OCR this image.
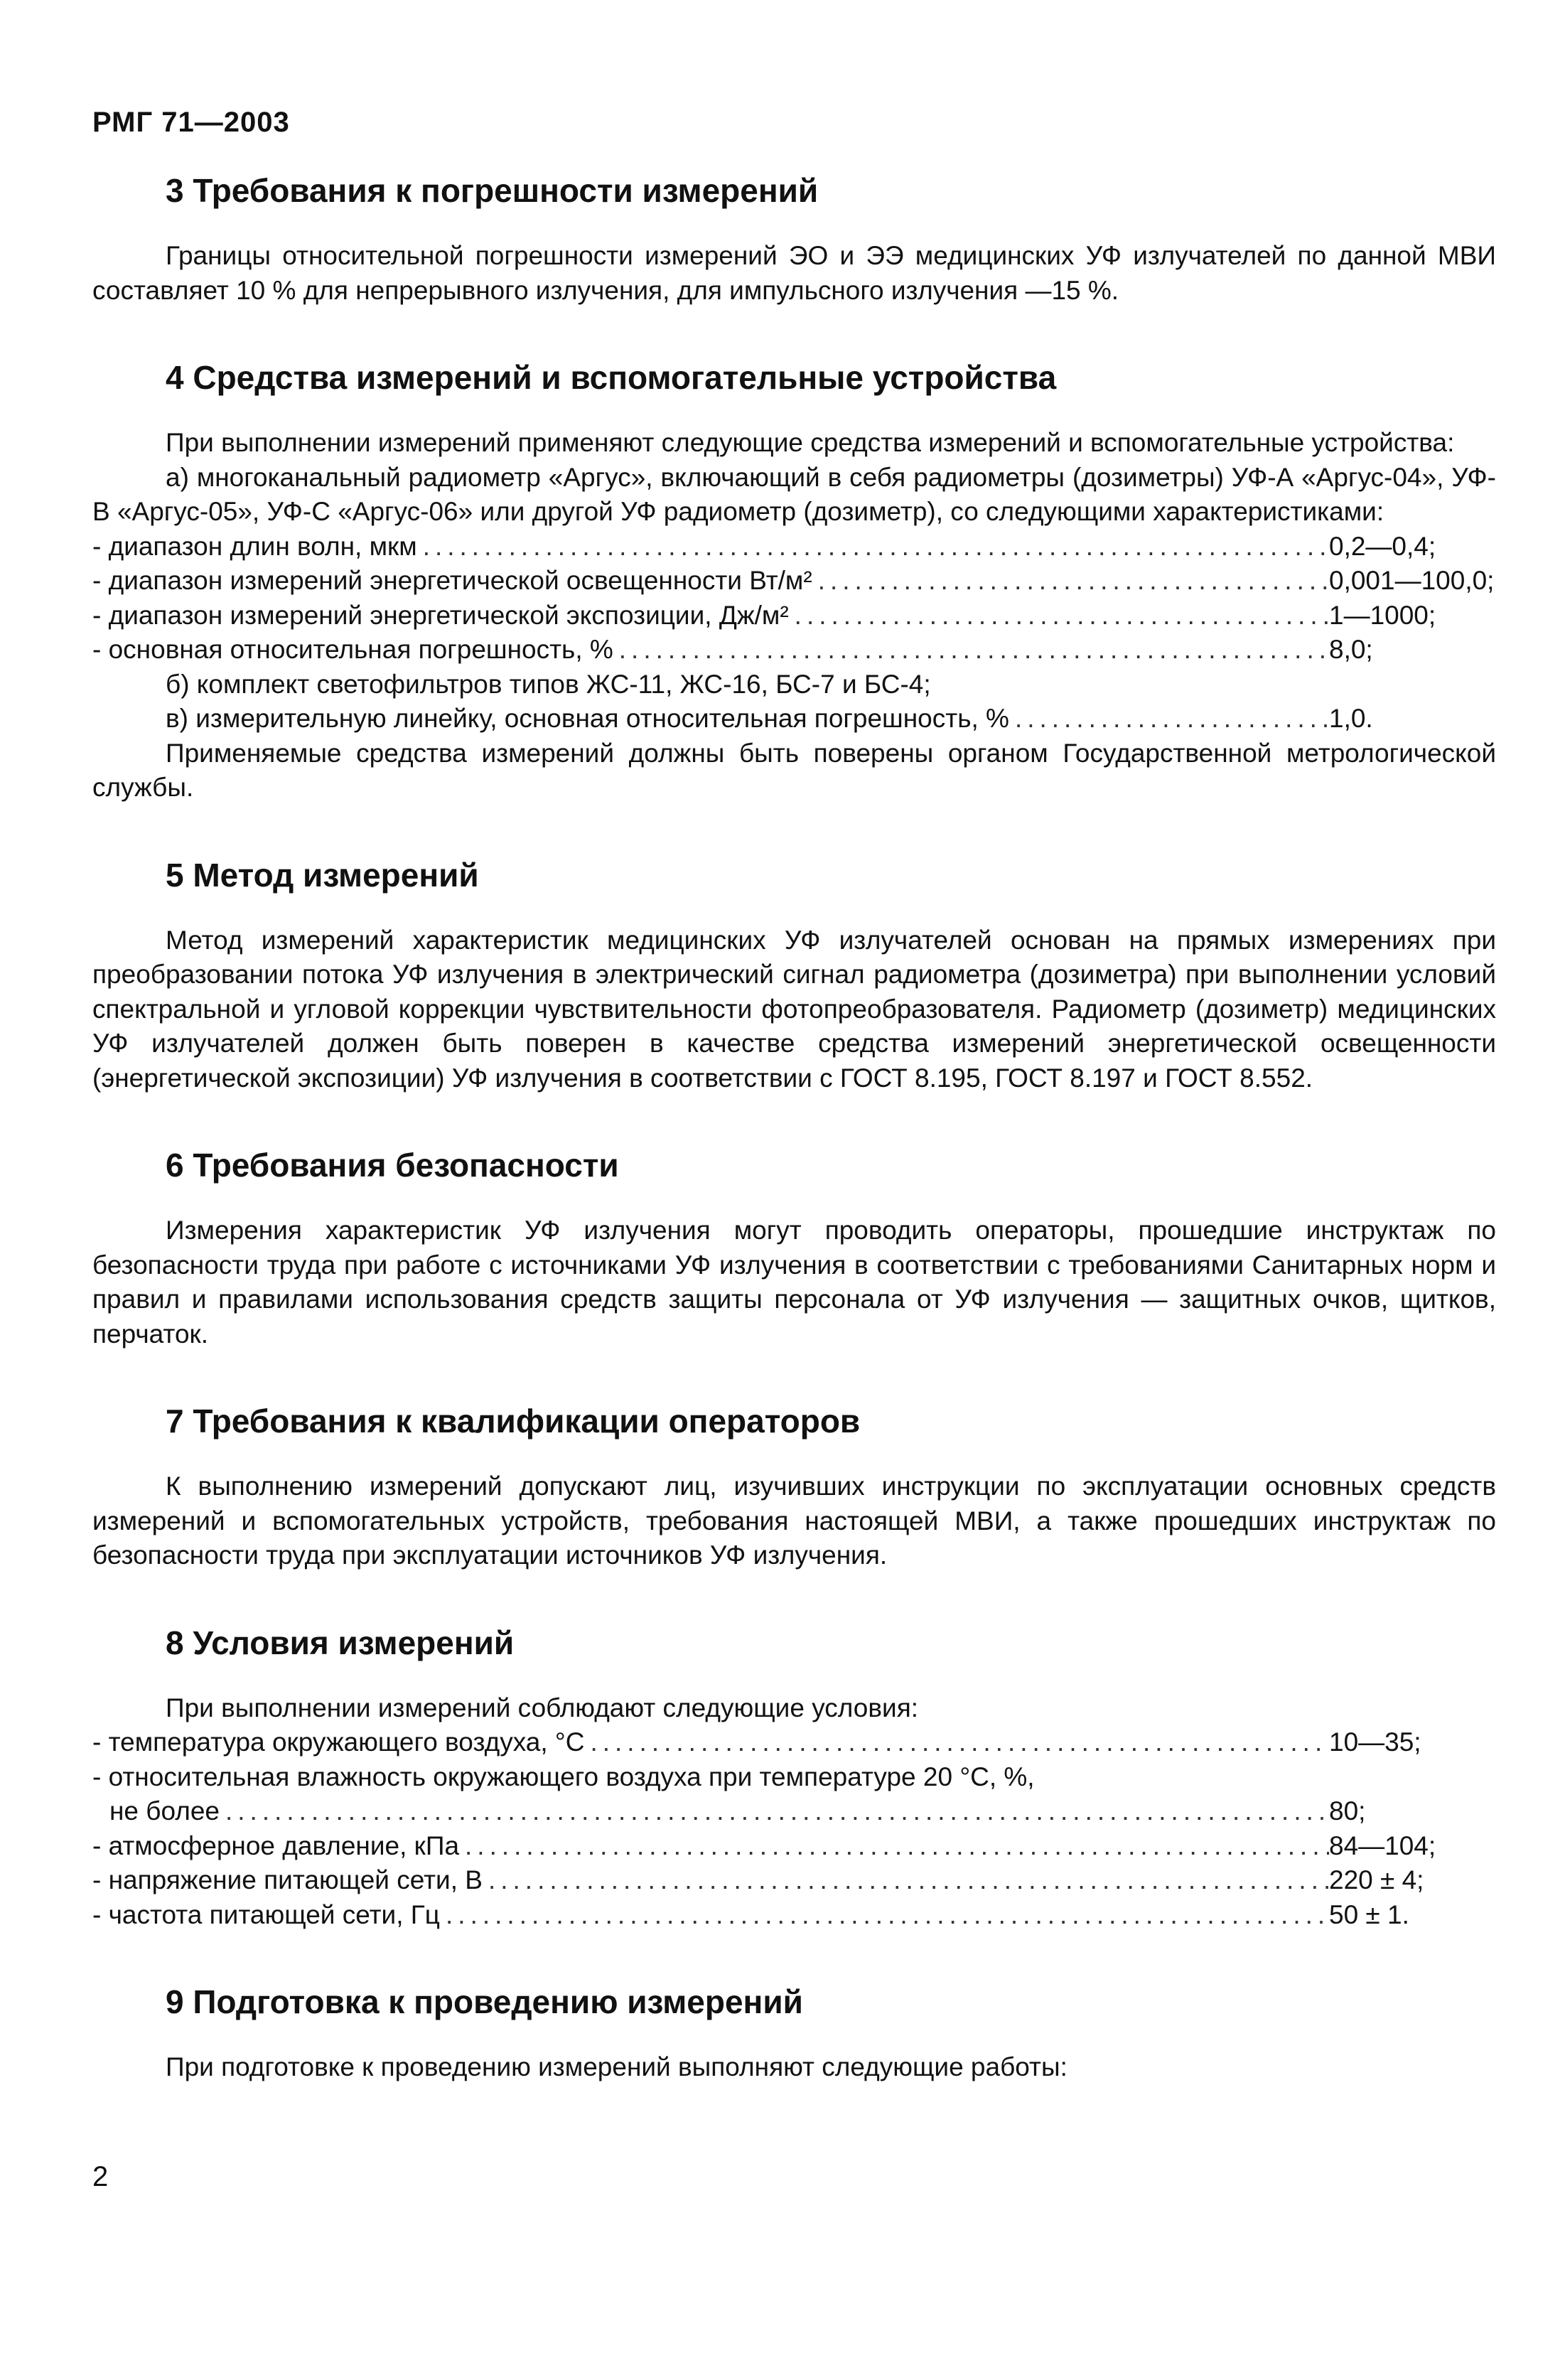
РМГ 71—2003
3 Требования к погрешности измерений

Границы относительной погрешности измерений ЭО и ЭЭ медицинских УФ излучателей по данной МВИ составляет 10 % для непрерывного излучения, для импульсного излучения —15 %.

4 Средства измерений и вспомогательные устройства

При выполнении измерений применяют следующие средства измерений и вспомогательные устройства:

а) многоканальный радиометр «Аргус», включающий в себя радиометры (дозиметры) УФ-А «Аргус-04», УФ-В «Аргус-05», УФ-С «Аргус-06» или другой УФ радиометр (дозиметр), со следующими характеристиками:

- диапазон длин волн, мкм .....	0,2—0,4;
- диапазон измерений энергетической освещенности Вт/м² .....	0,001—100,0;
- диапазон измерений энергетической экспозиции, Дж/м² .....	1—1000;
- основная относительная погрешность, % .....	8,0;

б) комплект светофильтров типов ЖС-11, ЖС-16, БС-7 и БС-4;

в) измерительную линейку, основная относительная погрешность, % .....	1,0.

Применяемые средства измерений должны быть поверены органом Государственной метрологической службы.

5 Метод измерений

Метод измерений характеристик медицинских УФ излучателей основан на прямых измерениях при преобразовании потока УФ излучения в электрический сигнал радиометра (дозиметра) при выполнении условий спектральной и угловой коррекции чувствительности фотопреобразователя. Радиометр (дозиметр) медицинских УФ излучателей должен быть поверен в качестве средства измерений энергетической освещенности (энергетической экспозиции) УФ излучения в соответствии с ГОСТ 8.195, ГОСТ 8.197 и ГОСТ 8.552.

6 Требования безопасности

Измерения характеристик УФ излучения могут проводить операторы, прошедшие инструктаж по безопасности труда при работе с источниками УФ излучения в соответствии с требованиями Санитарных норм и правил и правилами использования средств защиты персонала от УФ излучения — защитных очков, щитков, перчаток.

7 Требования к квалификации операторов

К выполнению измерений допускают лиц, изучивших инструкции по эксплуатации основных средств измерений и вспомогательных устройств, требования настоящей МВИ, а также прошедших инструктаж по безопасности труда при эксплуатации источников УФ излучения.

8 Условия измерений

При выполнении измерений соблюдают следующие условия:

- температура окружающего воздуха, °С .....	10—35;
- относительная влажность окружающего воздуха при температуре 20 °С, %,
не более .....	80;
- атмосферное давление, кПа .....	84—104;
- напряжение питающей сети, В .....	220 ± 4;
- частота питающей сети, Гц .....	50 ± 1.
9 Подготовка к проведению измерений

При подготовке к проведению измерений выполняют следующие работы:

2
